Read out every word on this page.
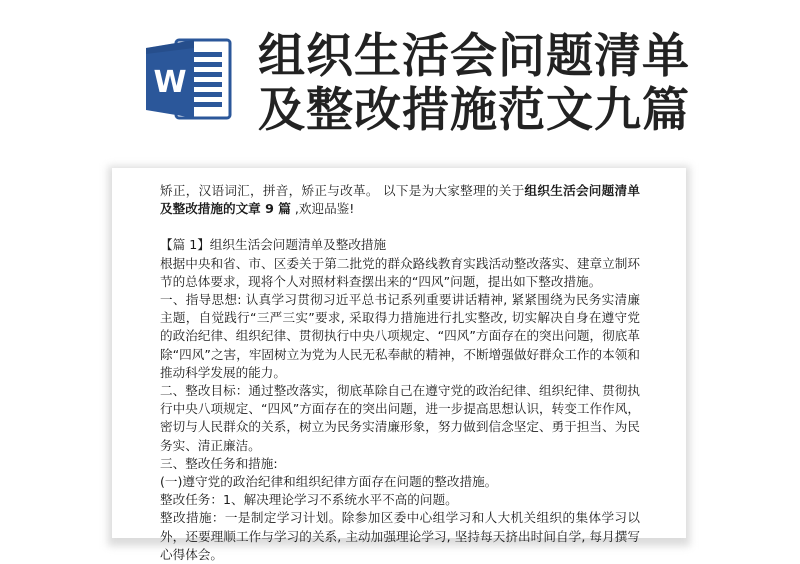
W 组织生活会问题清单
及整改措施范文九篇

矫正，汉语词汇，拼音，矫正与改革。 以下是为大家整理的关于组织生活会问题清单及整改措施的文章 9 篇 ,欢迎品鉴!

【篇 1】组织生活会问题清单及整改措施

根据中央和省、市、区委关于第二批党的群众路线教育实践活动整改落实、建章立制环节的总体要求，现将个人对照材料查摆出来的“四风”问题，提出如下整改措施。

一、指导思想: 认真学习贯彻习近平总书记系列重要讲话精神, 紧紧围绕为民务实清廉主题，自觉践行“三严三实”要求, 采取得力措施进行扎实整改, 切实解决自身在遵守党的政治纪律、组织纪律、贯彻执行中央八项规定、“四风”方面存在的突出问题，彻底革除“四风”之害，牢固树立为党为人民无私奉献的精神，不断增强做好群众工作的本领和推动科学发展的能力。

二、整改目标：通过整改落实，彻底革除自己在遵守党的政治纪律、组织纪律、贯彻执行中央八项规定、“四风”方面存在的突出问题，进一步提高思想认识，转变工作作风，密切与人民群众的关系，树立为民务实清廉形象，努力做到信念坚定、勇于担当、为民务实、清正廉洁。

三、整改任务和措施:

(一)遵守党的政治纪律和组织纪律方面存在问题的整改措施。

整改任务：1、解决理论学习不系统水平不高的问题。

整改措施：一是制定学习计划。除参加区委中心组学习和人大机关组织的集体学习以外，还要理顺工作与学习的关系, 主动加强理论学习, 坚持每天挤出时间自学, 每月撰写心得体会。
